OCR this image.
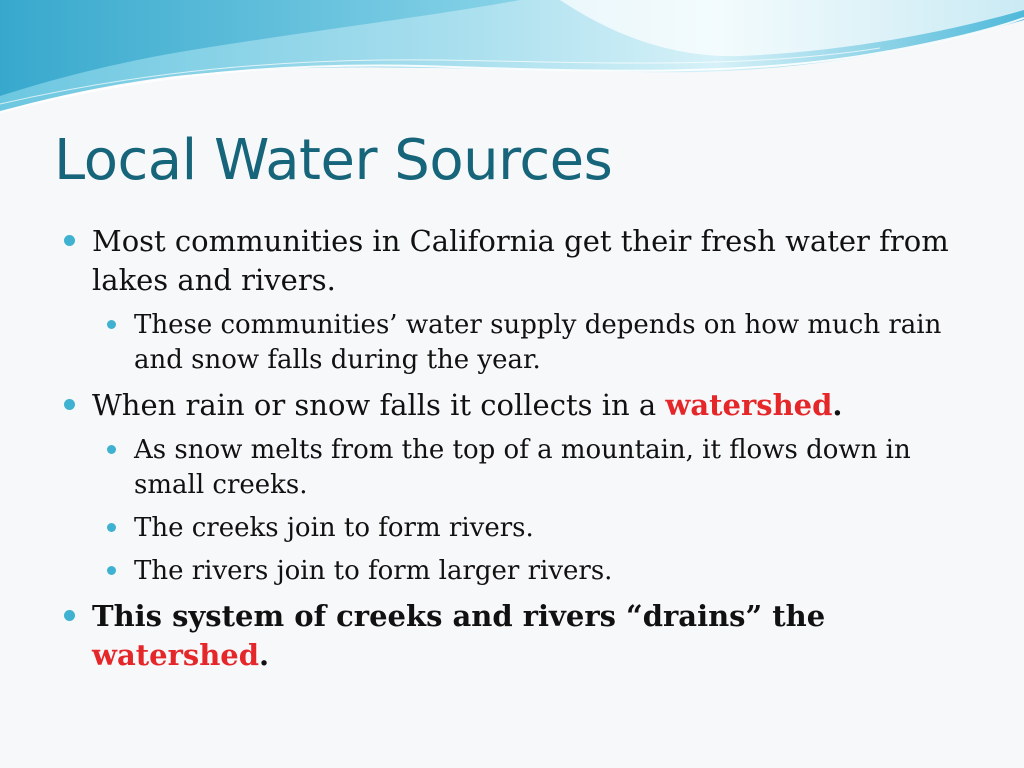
Local Water Sources
Most communities in California get their fresh water from lakes and rivers.
These communities’ water supply depends on how much rain and snow falls during the year.
When rain or snow falls it collects in a watershed.
As snow melts from the top of a mountain, it flows down in small creeks.
The creeks join to form rivers.
The rivers join to form larger rivers.
This system of creeks and rivers “drains” the watershed.
